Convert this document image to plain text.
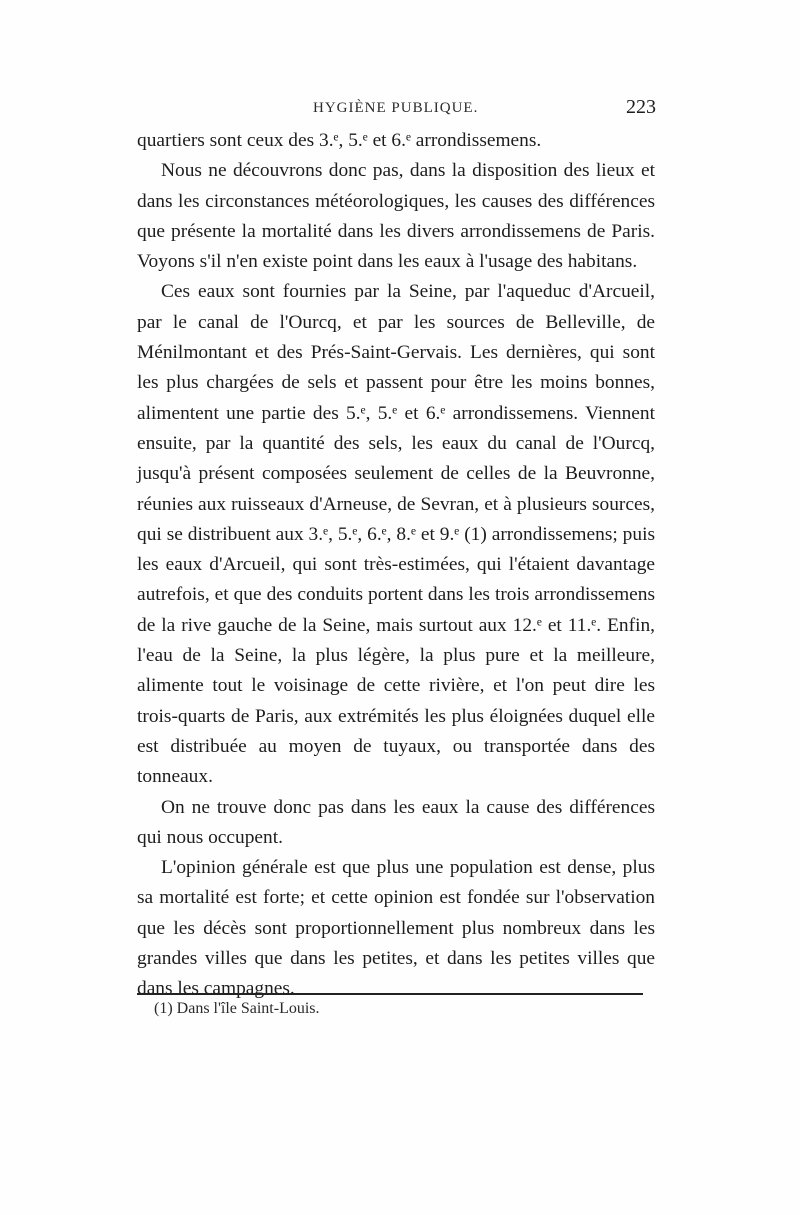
HYGIÈNE PUBLIQUE.	223

quartiers sont ceux des 3.ᵉ, 5.ᵉ et 6.ᵉ arrondissemens.

Nous ne découvrons donc pas, dans la disposition des lieux et dans les circonstances météorologiques, les causes des différences que présente la mortalité dans les divers arrondissemens de Paris. Voyons s'il n'en existe point dans les eaux à l'usage des habitans.

Ces eaux sont fournies par la Seine, par l'aqueduc d'Arcueil, par le canal de l'Ourcq, et par les sources de Belleville, de Ménilmontant et des Prés-Saint-Gervais. Les dernières, qui sont les plus chargées de sels et passent pour être les moins bonnes, alimentent une partie des 5.ᵉ, 5.ᵉ et 6.ᵉ arrondissemens. Viennent ensuite, par la quantité des sels, les eaux du canal de l'Ourcq, jusqu'à présent composées seulement de celles de la Beuvronne, réunies aux ruisseaux d'Arneuse, de Sevran, et à plusieurs sources, qui se distribuent aux 3.ᵉ, 5.ᵉ, 6.ᵉ, 8.ᵉ et 9.ᵉ (1) arrondissemens; puis les eaux d'Arcueil, qui sont très-estimées, qui l'étaient davantage autrefois, et que des conduits portent dans les trois arrondissemens de la rive gauche de la Seine, mais surtout aux 12.ᵉ et 11.ᵉ. Enfin, l'eau de la Seine, la plus légère, la plus pure et la meilleure, alimente tout le voisinage de cette rivière, et l'on peut dire les trois-quarts de Paris, aux extrémités les plus éloignées duquel elle est distribuée au moyen de tuyaux, ou transportée dans des tonneaux.

On ne trouve donc pas dans les eaux la cause des différences qui nous occupent.

L'opinion générale est que plus une population est dense, plus sa mortalité est forte; et cette opinion est fondée sur l'observation que les décès sont proportionnellement plus nombreux dans les grandes villes que dans les petites, et dans les petites villes que dans les campagnes.

(1) Dans l'île Saint-Louis.
